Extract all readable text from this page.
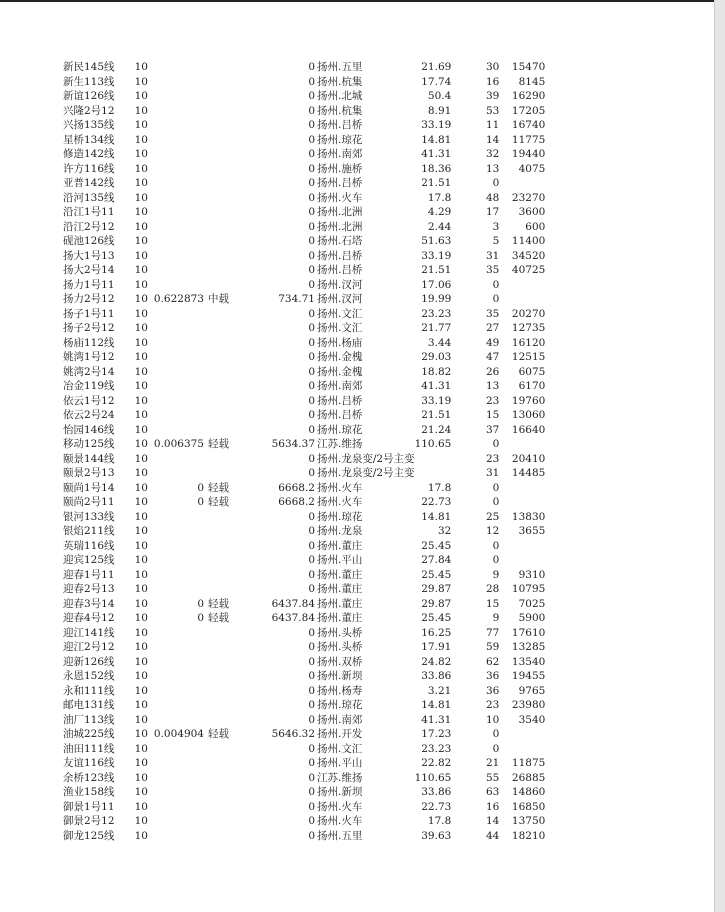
新民145线	10			0	扬州.五里	21.69	30	15470
新生113线	10			0	扬州.杭集	17.74	16	8145
新谊126线	10			0	扬州.北城	50.4	39	16290
兴隆2号12	10			0	扬州.杭集	8.91	53	17205
兴扬135线	10			0	扬州.吕桥	33.19	11	16740
星桥134线	10			0	扬州.琼花	14.81	14	11775
修造142线	10			0	扬州.南郊	41.31	32	19440
许方116线	10			0	扬州.施桥	18.36	13	4075
亚普142线	10			0	扬州.吕桥	21.51	0	
沿河135线	10			0	扬州.火车	17.8	48	23270
沿江1号11	10			0	扬州.北洲	4.29	17	3600
沿江2号12	10			0	扬州.北洲	2.44	3	600
砚池126线	10			0	扬州.石塔	51.63	5	11400
扬大1号13	10			0	扬州.吕桥	33.19	31	34520
扬大2号14	10			0	扬州.吕桥	21.51	35	40725
扬力1号11	10			0	扬州.汊河	17.06	0	
扬力2号12	10	0.622873	中载	734.71	扬州.汊河	19.99	0	
扬子1号11	10			0	扬州.文汇	23.23	35	20270
扬子2号12	10			0	扬州.文汇	21.77	27	12735
杨庙112线	10			0	扬州.杨庙	3.44	49	16120
姚湾1号12	10			0	扬州.金槐	29.03	47	12515
姚湾2号14	10			0	扬州.金槐	18.82	26	6075
冶金119线	10			0	扬州.南郊	41.31	13	6170
依云1号12	10			0	扬州.吕桥	33.19	23	19760
依云2号24	10			0	扬州.吕桥	21.51	15	13060
怡园146线	10			0	扬州.琼花	21.24	37	16640
移动125线	10	0.006375	轻载	5634.37	江苏.维扬	110.65	0	
颐景144线	10			0	扬州.龙泉变/2号主变		23	20410
颐景2号13	10			0	扬州.龙泉变/2号主变		31	14485
颐尚1号14	10	0	轻载	6668.2	扬州.火车	17.8	0	
颐尚2号11	10	0	轻载	6668.2	扬州.火车	22.73	0	
银河133线	10			0	扬州.琼花	14.81	25	13830
银焰211线	10			0	扬州.龙泉	32	12	3655
英瑞116线	10			0	扬州.董庄	25.45	0	
迎宾125线	10			0	扬州.平山	27.84	0	
迎春1号11	10			0	扬州.董庄	25.45	9	9310
迎春2号13	10			0	扬州.董庄	29.87	28	10795
迎春3号14	10	0	轻载	6437.84	扬州.董庄	29.87	15	7025
迎春4号12	10	0	轻载	6437.84	扬州.董庄	25.45	9	5900
迎江141线	10			0	扬州.头桥	16.25	77	17610
迎江2号12	10			0	扬州.头桥	17.91	59	13285
迎新126线	10			0	扬州.双桥	24.82	62	13540
永恩152线	10			0	扬州.新坝	33.86	36	19455
永和111线	10			0	扬州.杨寿	3.21	36	9765
邮电131线	10			0	扬州.琼花	14.81	23	23980
油厂113线	10			0	扬州.南郊	41.31	10	3540
油城225线	10	0.004904	轻载	5646.32	扬州.开发	17.23	0	
油田111线	10			0	扬州.文汇	23.23	0	
友谊116线	10			0	扬州.平山	22.82	21	11875
余桥123线	10			0	江苏.维扬	110.65	55	26885
渔业158线	10			0	扬州.新坝	33.86	63	14860
御景1号11	10			0	扬州.火车	22.73	16	16850
御景2号12	10			0	扬州.火车	17.8	14	13750
御龙125线	10			0	扬州.五里	39.63	44	18210
